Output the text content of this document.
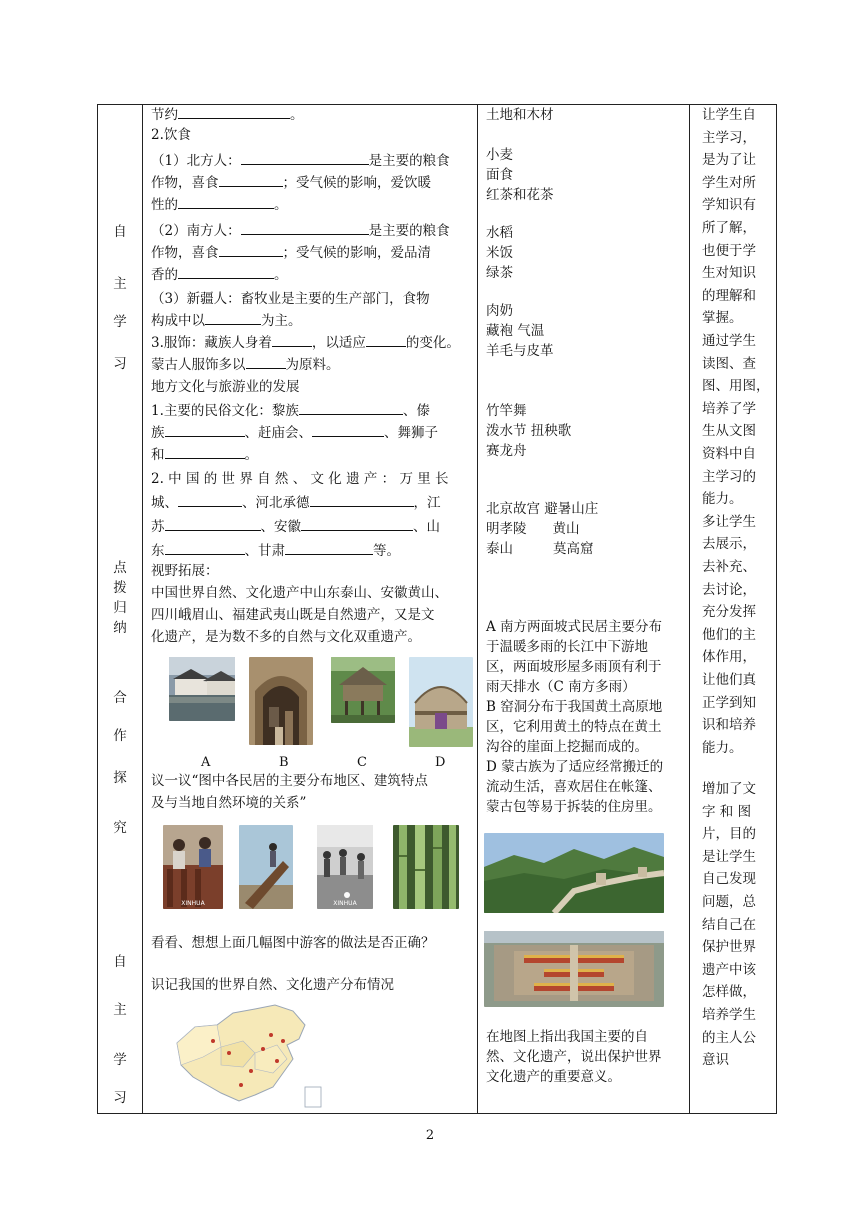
自
主
学
习
点
拨
归
纳
合
作
探
究
自
主
学
习

节约	。
2.饮食
（1）北方人：	是主要的粮食
作物，喜食	；受气候的影响，爱饮暖
性的	。
（2）南方人：	是主要的粮食
作物，喜食	；受气候的影响，爱品清
香的	。
（3）新疆人：畜牧业是主要的生产部门，食物
构成中以	为主。
3.服饰：藏族人身着	，以适应	的变化。
蒙古人服饰多以	为原料。
地方文化与旅游业的发展
1.主要的民俗文化：黎族	、傣
族	、赶庙会、	、舞狮子
和	。
2. 中 国 的 世 界 自 然 、 文 化 遗 产 ： 万 里 长
城、	、河北承德	，江
苏	、安徽	、山
东	、甘肃	等。
视野拓展：
中国世界自然、文化遗产中山东泰山、安徽黄山、
四川峨眉山、福建武夷山既是自然遗产，又是文
化遗产，是为数不多的自然与文化双重遗产。
A	B	C	D
议一议“图中各民居的主要分布地区、建筑特点
及与当地自然环境的关系”
XINHUA	XINHUA
看看、想想上面几幅图中游客的做法是否正确？
识记我国的世界自然、文化遗产分布情况

土地和木材
小麦
面食
红茶和花茶
水稻
米饭
绿茶
肉奶
藏袍 气温
羊毛与皮革
竹竿舞
泼水节 扭秧歌
赛龙舟
北京故宫 避暑山庄
明孝陵 黄山
泰山	莫高窟
A 南方两面坡式民居主要分布
于温暖多雨的长江中下游地
区，两面坡形屋多雨顶有利于
雨天排水（C 南方多雨）
B 窑洞分布于我国黄土高原地
区，它利用黄土的特点在黄土
沟谷的崖面上挖掘而成的。
D 蒙古族为了适应经常搬迁的
流动生活，喜欢居住在帐篷、
蒙古包等易于拆装的住房里。
在地图上指出我国主要的自
然、文化遗产，说出保护世界
文化遗产的重要意义。

让学生自
主学习，
是为了让
学生对所
学知识有
所了解，
也便于学
生对知识
的理解和
掌握。
通过学生
读图、查
图、用图，
培养了学
生从文图
资料中自
主学习的
能力。
多让学生
去展示，
去补充、
去讨论，
充分发挥
他们的主
体作用，
让他们真
正学到知
识和培养
能力。
增加了文
字 和 图
片，目的
是让学生
自己发现
问题，总
结自己在
保护世界
遗产中该
怎样做，
培养学生
的主人公
意识
2
